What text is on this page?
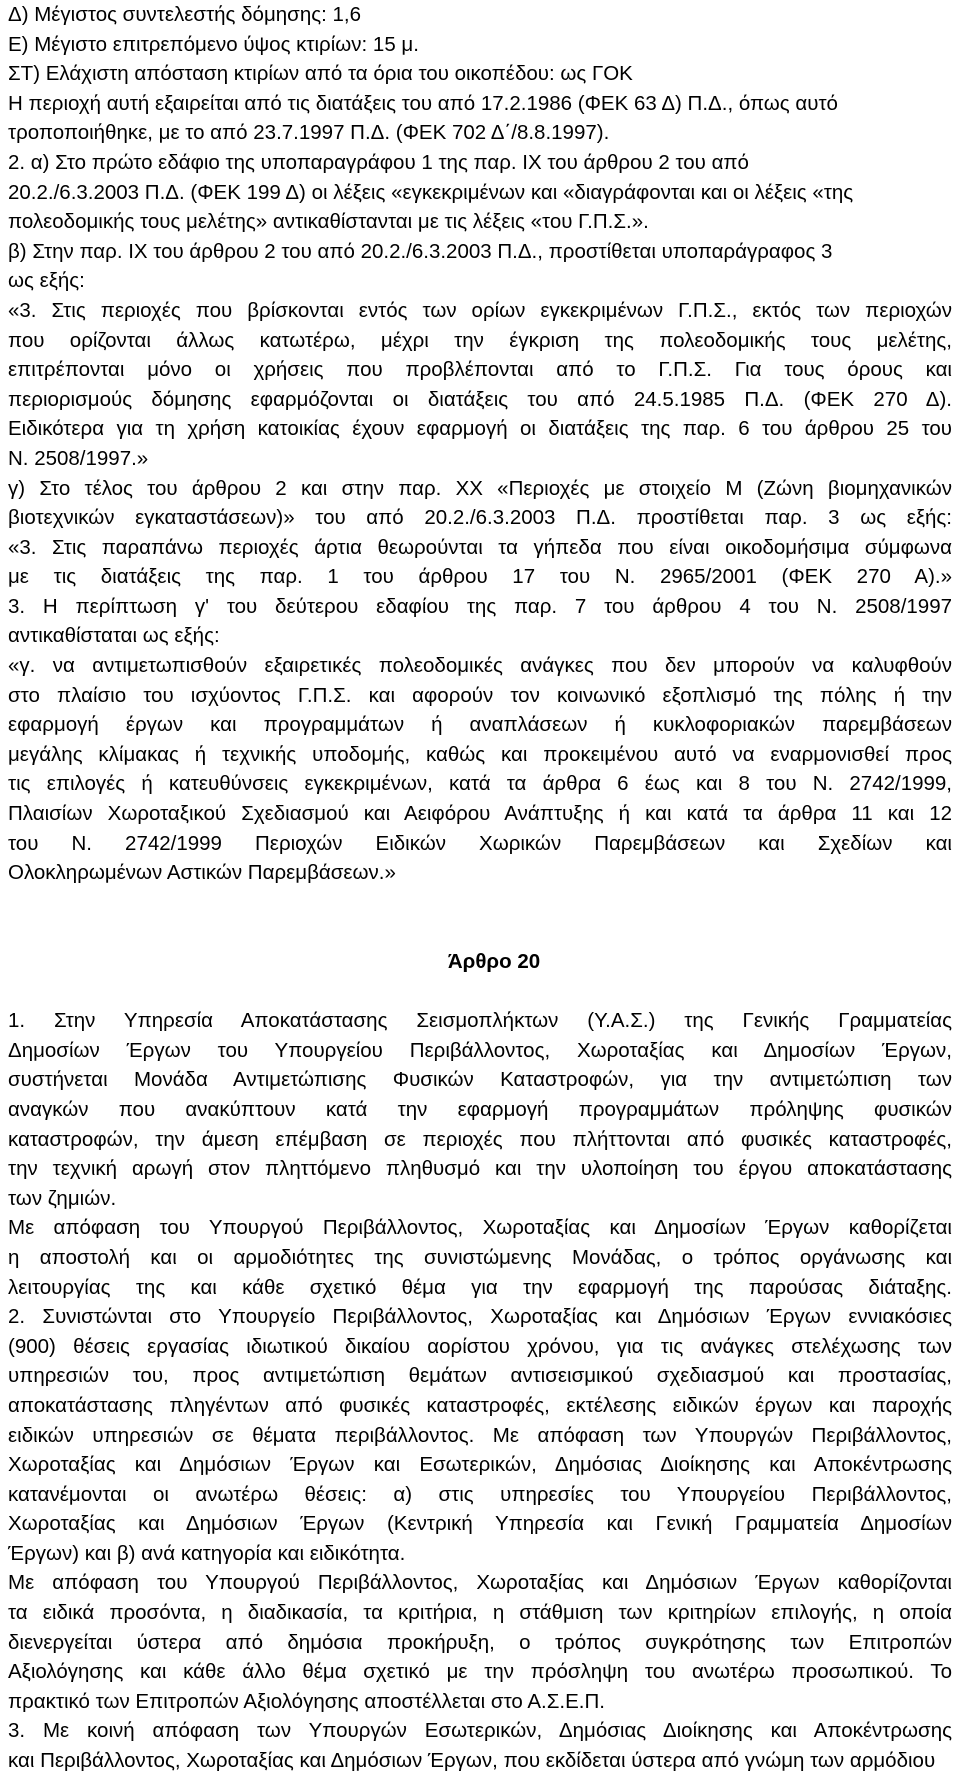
Δ) Μέγιστος συντελεστής δόμησης: 1,6
Ε) Μέγιστο επιτρεπόμενο ύψος κτιρίων: 15 μ.
ΣΤ) Ελάχιστη απόσταση κτιρίων από τα όρια του οικοπέδου: ως ΓΟΚ
Η περιοχή αυτή εξαιρείται από τις διατάξεις του από 17.2.1986 (ΦΕΚ 63 Δ) Π.Δ., όπως αυτό
τροποποιήθηκε, με το από 23.7.1997 Π.Δ. (ΦΕΚ 702 Δ΄/8.8.1997).
2. α) Στο πρώτο εδάφιο της υποπαραγράφου 1 της παρ. ΙΧ του άρθρου 2 του από
20.2./6.3.2003 Π.Δ. (ΦΕΚ 199 Δ) οι λέξεις «εγκεκριμένων και «διαγράφονται και οι λέξεις «της
πολεοδομικής τους μελέτης» αντικαθίστανται με τις λέξεις «του Γ.Π.Σ.».
β) Στην παρ. ΙΧ του άρθρου 2 του από 20.2./6.3.2003 Π.Δ., προστίθεται υποπαράγραφος 3
ως εξής:
«3. Στις περιοχές που βρίσκονται εντός των ορίων εγκεκριμένων Γ.Π.Σ., εκτός των περιοχών
που ορίζονται άλλως κατωτέρω, μέχρι την έγκριση της πολεοδομικής τους μελέτης,
επιτρέπονται μόνο οι χρήσεις που προβλέπονται από το Γ.Π.Σ. Για τους όρους και
περιορισμούς δόμησης εφαρμόζονται οι διατάξεις του από 24.5.1985 Π.Δ. (ΦΕΚ 270 Δ).
Ειδικότερα για τη χρήση κατοικίας έχουν εφαρμογή οι διατάξεις της παρ. 6 του άρθρου 25 του
Ν. 2508/1997.»
γ) Στο τέλος του άρθρου 2 και στην παρ. ΧΧ «Περιοχές με στοιχείο Μ (Ζώνη βιομηχανικών
βιοτεχνικών εγκαταστάσεων)» του από 20.2./6.3.2003 Π.Δ. προστίθεται παρ. 3 ως εξής:
«3. Στις παραπάνω περιοχές άρτια θεωρούνται τα γήπεδα που είναι οικοδομήσιμα σύμφωνα
με τις διατάξεις της παρ. 1 του άρθρου 17 του Ν. 2965/2001 (ΦΕΚ 270 Α).»
3. Η περίπτωση γ' του δεύτερου εδαφίου της παρ. 7 του άρθρου 4 του Ν. 2508/1997
αντικαθίσταται ως εξής:
«γ. να αντιμετωπισθούν εξαιρετικές πολεοδομικές ανάγκες που δεν μπορούν να καλυφθούν
στο πλαίσιο του ισχύοντος Γ.Π.Σ. και αφορούν τον κοινωνικό εξοπλισμό της πόλης ή την
εφαρμογή έργων και προγραμμάτων ή αναπλάσεων ή κυκλοφοριακών παρεμβάσεων
μεγάλης κλίμακας ή τεχνικής υποδομής, καθώς και προκειμένου αυτό να εναρμονισθεί προς
τις επιλογές ή κατευθύνσεις εγκεκριμένων, κατά τα άρθρα 6 έως και 8 του Ν. 2742/1999,
Πλαισίων Χωροταξικού Σχεδιασμού και Αειφόρου Ανάπτυξης ή και κατά τα άρθρα 11 και 12
του Ν. 2742/1999 Περιοχών Ειδικών Χωρικών Παρεμβάσεων και Σχεδίων και
Ολοκληρωμένων Αστικών Παρεμβάσεων.»
Άρθρο 20
1. Στην Υπηρεσία Αποκατάστασης Σεισμοπλήκτων (Υ.Α.Σ.) της Γενικής Γραμματείας
Δημοσίων Έργων του Υπουργείου Περιβάλλοντος, Χωροταξίας και Δημοσίων Έργων,
συστήνεται Μονάδα Αντιμετώπισης Φυσικών Καταστροφών, για την αντιμετώπιση των
αναγκών που ανακύπτουν κατά την εφαρμογή προγραμμάτων πρόληψης φυσικών
καταστροφών, την άμεση επέμβαση σε περιοχές που πλήττονται από φυσικές καταστροφές,
την τεχνική αρωγή στον πληττόμενο πληθυσμό και την υλοποίηση του έργου αποκατάστασης
των ζημιών.
Με απόφαση του Υπουργού Περιβάλλοντος, Χωροταξίας και Δημοσίων Έργων καθορίζεται
η αποστολή και οι αρμοδιότητες της συνιστώμενης Μονάδας, ο τρόπος οργάνωσης και
λειτουργίας της και κάθε σχετικό θέμα για την εφαρμογή της παρούσας διάταξης.
2. Συνιστώνται στο Υπουργείο Περιβάλλοντος, Χωροταξίας και Δημόσιων Έργων εννιακόσιες
(900) θέσεις εργασίας ιδιωτικού δικαίου αορίστου χρόνου, για τις ανάγκες στελέχωσης των
υπηρεσιών του, προς αντιμετώπιση θεμάτων αντισεισμικού σχεδιασμού και προστασίας,
αποκατάστασης πληγέντων από φυσικές καταστροφές, εκτέλεσης ειδικών έργων και παροχής
ειδικών υπηρεσιών σε θέματα περιβάλλοντος. Με απόφαση των Υπουργών Περιβάλλοντος,
Χωροταξίας και Δημόσιων Έργων και Εσωτερικών, Δημόσιας Διοίκησης και Αποκέντρωσης
κατανέμονται οι ανωτέρω θέσεις: α) στις υπηρεσίες του Υπουργείου Περιβάλλοντος,
Χωροταξίας και Δημόσιων Έργων (Κεντρική Υπηρεσία και Γενική Γραμματεία Δημοσίων
Έργων) και β) ανά κατηγορία και ειδικότητα.
Με απόφαση του Υπουργού Περιβάλλοντος, Χωροταξίας και Δημόσιων Έργων καθορίζονται
τα ειδικά προσόντα, η διαδικασία, τα κριτήρια, η στάθμιση των κριτηρίων επιλογής, η οποία
διενεργείται ύστερα από δημόσια προκήρυξη, ο τρόπος συγκρότησης των Επιτροπών
Αξιολόγησης και κάθε άλλο θέμα σχετικό με την πρόσληψη του ανωτέρω προσωπικού. Το
πρακτικό των Επιτροπών Αξιολόγησης αποστέλλεται στο Α.Σ.Ε.Π.
3. Με κοινή απόφαση των Υπουργών Εσωτερικών, Δημόσιας Διοίκησης και Αποκέντρωσης
και Περιβάλλοντος, Χωροταξίας και Δημόσιων Έργων, που εκδίδεται ύστερα από γνώμη των αρμόδιου
